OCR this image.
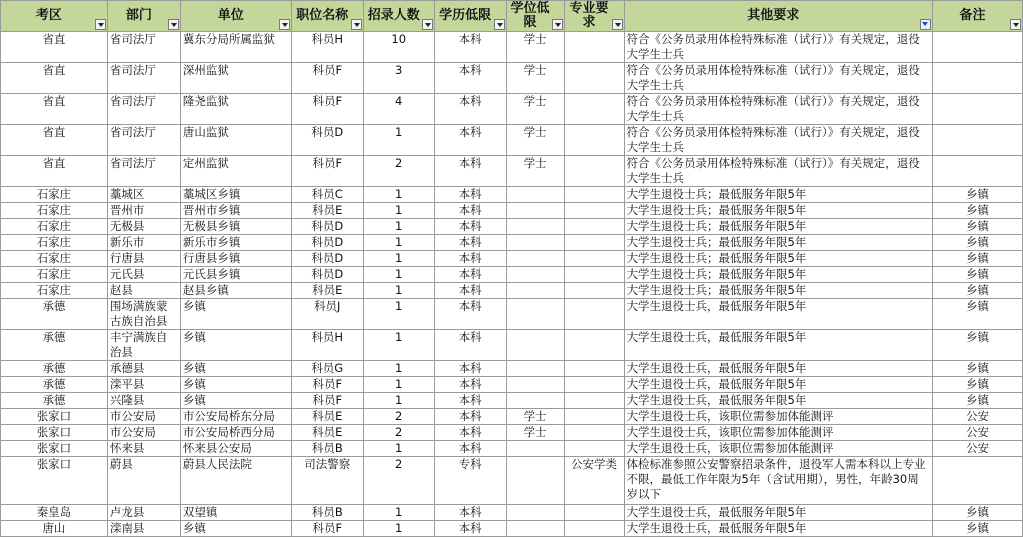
考区	部门	单位	职位名称	招录人数	学历低限	学位低限	专业要求	其他要求	备注

省直	省司法厅	冀东分局所属监狱	科员H	10	本科	学士		符合《公务员录用体检特殊标准（试行）》有关规定，退役大学生士兵	

省直	省司法厅	深州监狱	科员F	3	本科	学士		符合《公务员录用体检特殊标准（试行）》有关规定，退役大学生士兵	

省直	省司法厅	隆尧监狱	科员F	4	本科	学士		符合《公务员录用体检特殊标准（试行）》有关规定，退役大学生士兵	

省直	省司法厅	唐山监狱	科员D	1	本科	学士		符合《公务员录用体检特殊标准（试行）》有关规定，退役大学生士兵	

省直	省司法厅	定州监狱	科员F	2	本科	学士		符合《公务员录用体检特殊标准（试行）》有关规定，退役大学生士兵	

石家庄	藁城区	藁城区乡镇	科员C	1	本科			大学生退役士兵；最低服务年限5年	乡镇

石家庄	晋州市	晋州市乡镇	科员E	1	本科			大学生退役士兵；最低服务年限5年	乡镇

石家庄	无极县	无极县乡镇	科员D	1	本科			大学生退役士兵；最低服务年限5年	乡镇

石家庄	新乐市	新乐市乡镇	科员D	1	本科			大学生退役士兵；最低服务年限5年	乡镇

石家庄	行唐县	行唐县乡镇	科员D	1	本科			大学生退役士兵；最低服务年限5年	乡镇

石家庄	元氏县	元氏县乡镇	科员D	1	本科			大学生退役士兵；最低服务年限5年	乡镇

石家庄	赵县	赵县乡镇	科员E	1	本科			大学生退役士兵；最低服务年限5年	乡镇

承德	围场满族蒙古族自治县	乡镇	科员J	1	本科			大学生退役士兵，最低服务年限5年	乡镇

承德	丰宁满族自治县	乡镇	科员H	1	本科			大学生退役士兵，最低服务年限5年	乡镇

承德	承德县	乡镇	科员G	1	本科			大学生退役士兵，最低服务年限5年	乡镇

承德	滦平县	乡镇	科员F	1	本科			大学生退役士兵，最低服务年限5年	乡镇

承德	兴隆县	乡镇	科员F	1	本科			大学生退役士兵，最低服务年限5年	乡镇

张家口	市公安局	市公安局桥东分局	科员E	2	本科	学士		大学生退役士兵，该职位需参加体能测评	公安

张家口	市公安局	市公安局桥西分局	科员E	2	本科	学士		大学生退役士兵，该职位需参加体能测评	公安

张家口	怀来县	怀来县公安局	科员B	1	本科			大学生退役士兵，该职位需参加体能测评	公安

张家口	蔚县	蔚县人民法院	司法警察	2	专科		公安学类	体检标准参照公安警察招录条件，退役军人需本科以上专业不限，最低工作年限为5年（含试用期），男性，年龄30周岁以下	

秦皇岛	卢龙县	双望镇	科员B	1	本科			大学生退役士兵，最低服务年限5年	乡镇

唐山	滦南县	乡镇	科员F	1	本科			大学生退役士兵，最低服务年限5年	乡镇
